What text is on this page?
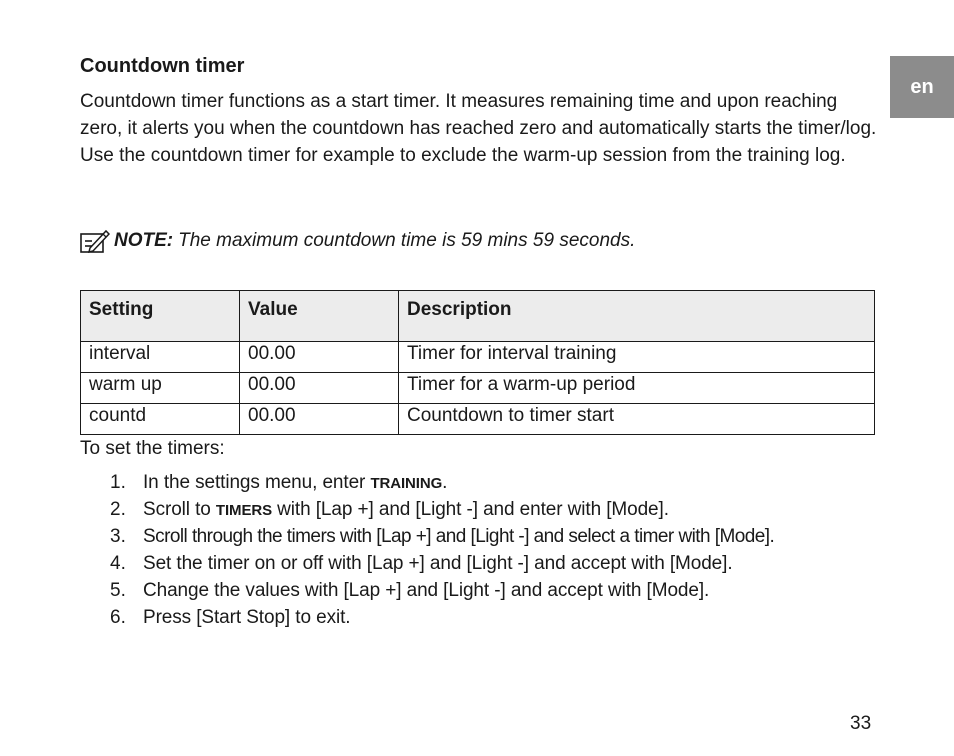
en
Countdown timer
Countdown timer functions as a start timer. It measures remaining time and upon reaching zero, it alerts you when the countdown has reached zero and automatically starts the timer/log. Use the countdown timer for example to exclude the warm-up session from the training log.
NOTE: The maximum countdown time is 59 mins 59 seconds.
Setting	Value	Description
interval	00.00	Timer for interval training
warm up	00.00	Timer for a warm-up period
countd	00.00	Countdown to timer start
To set the timers:
1. In the settings menu, enter TRAINING.
2. Scroll to TIMERS with [Lap +] and [Light -] and enter with [Mode].
3. Scroll through the timers with [Lap +] and [Light -] and select a timer with [Mode].
4. Set the timer on or off with [Lap +] and [Light -] and accept with [Mode].
5. Change the values with [Lap +] and [Light -] and accept with [Mode].
6. Press [Start Stop] to exit.
33
